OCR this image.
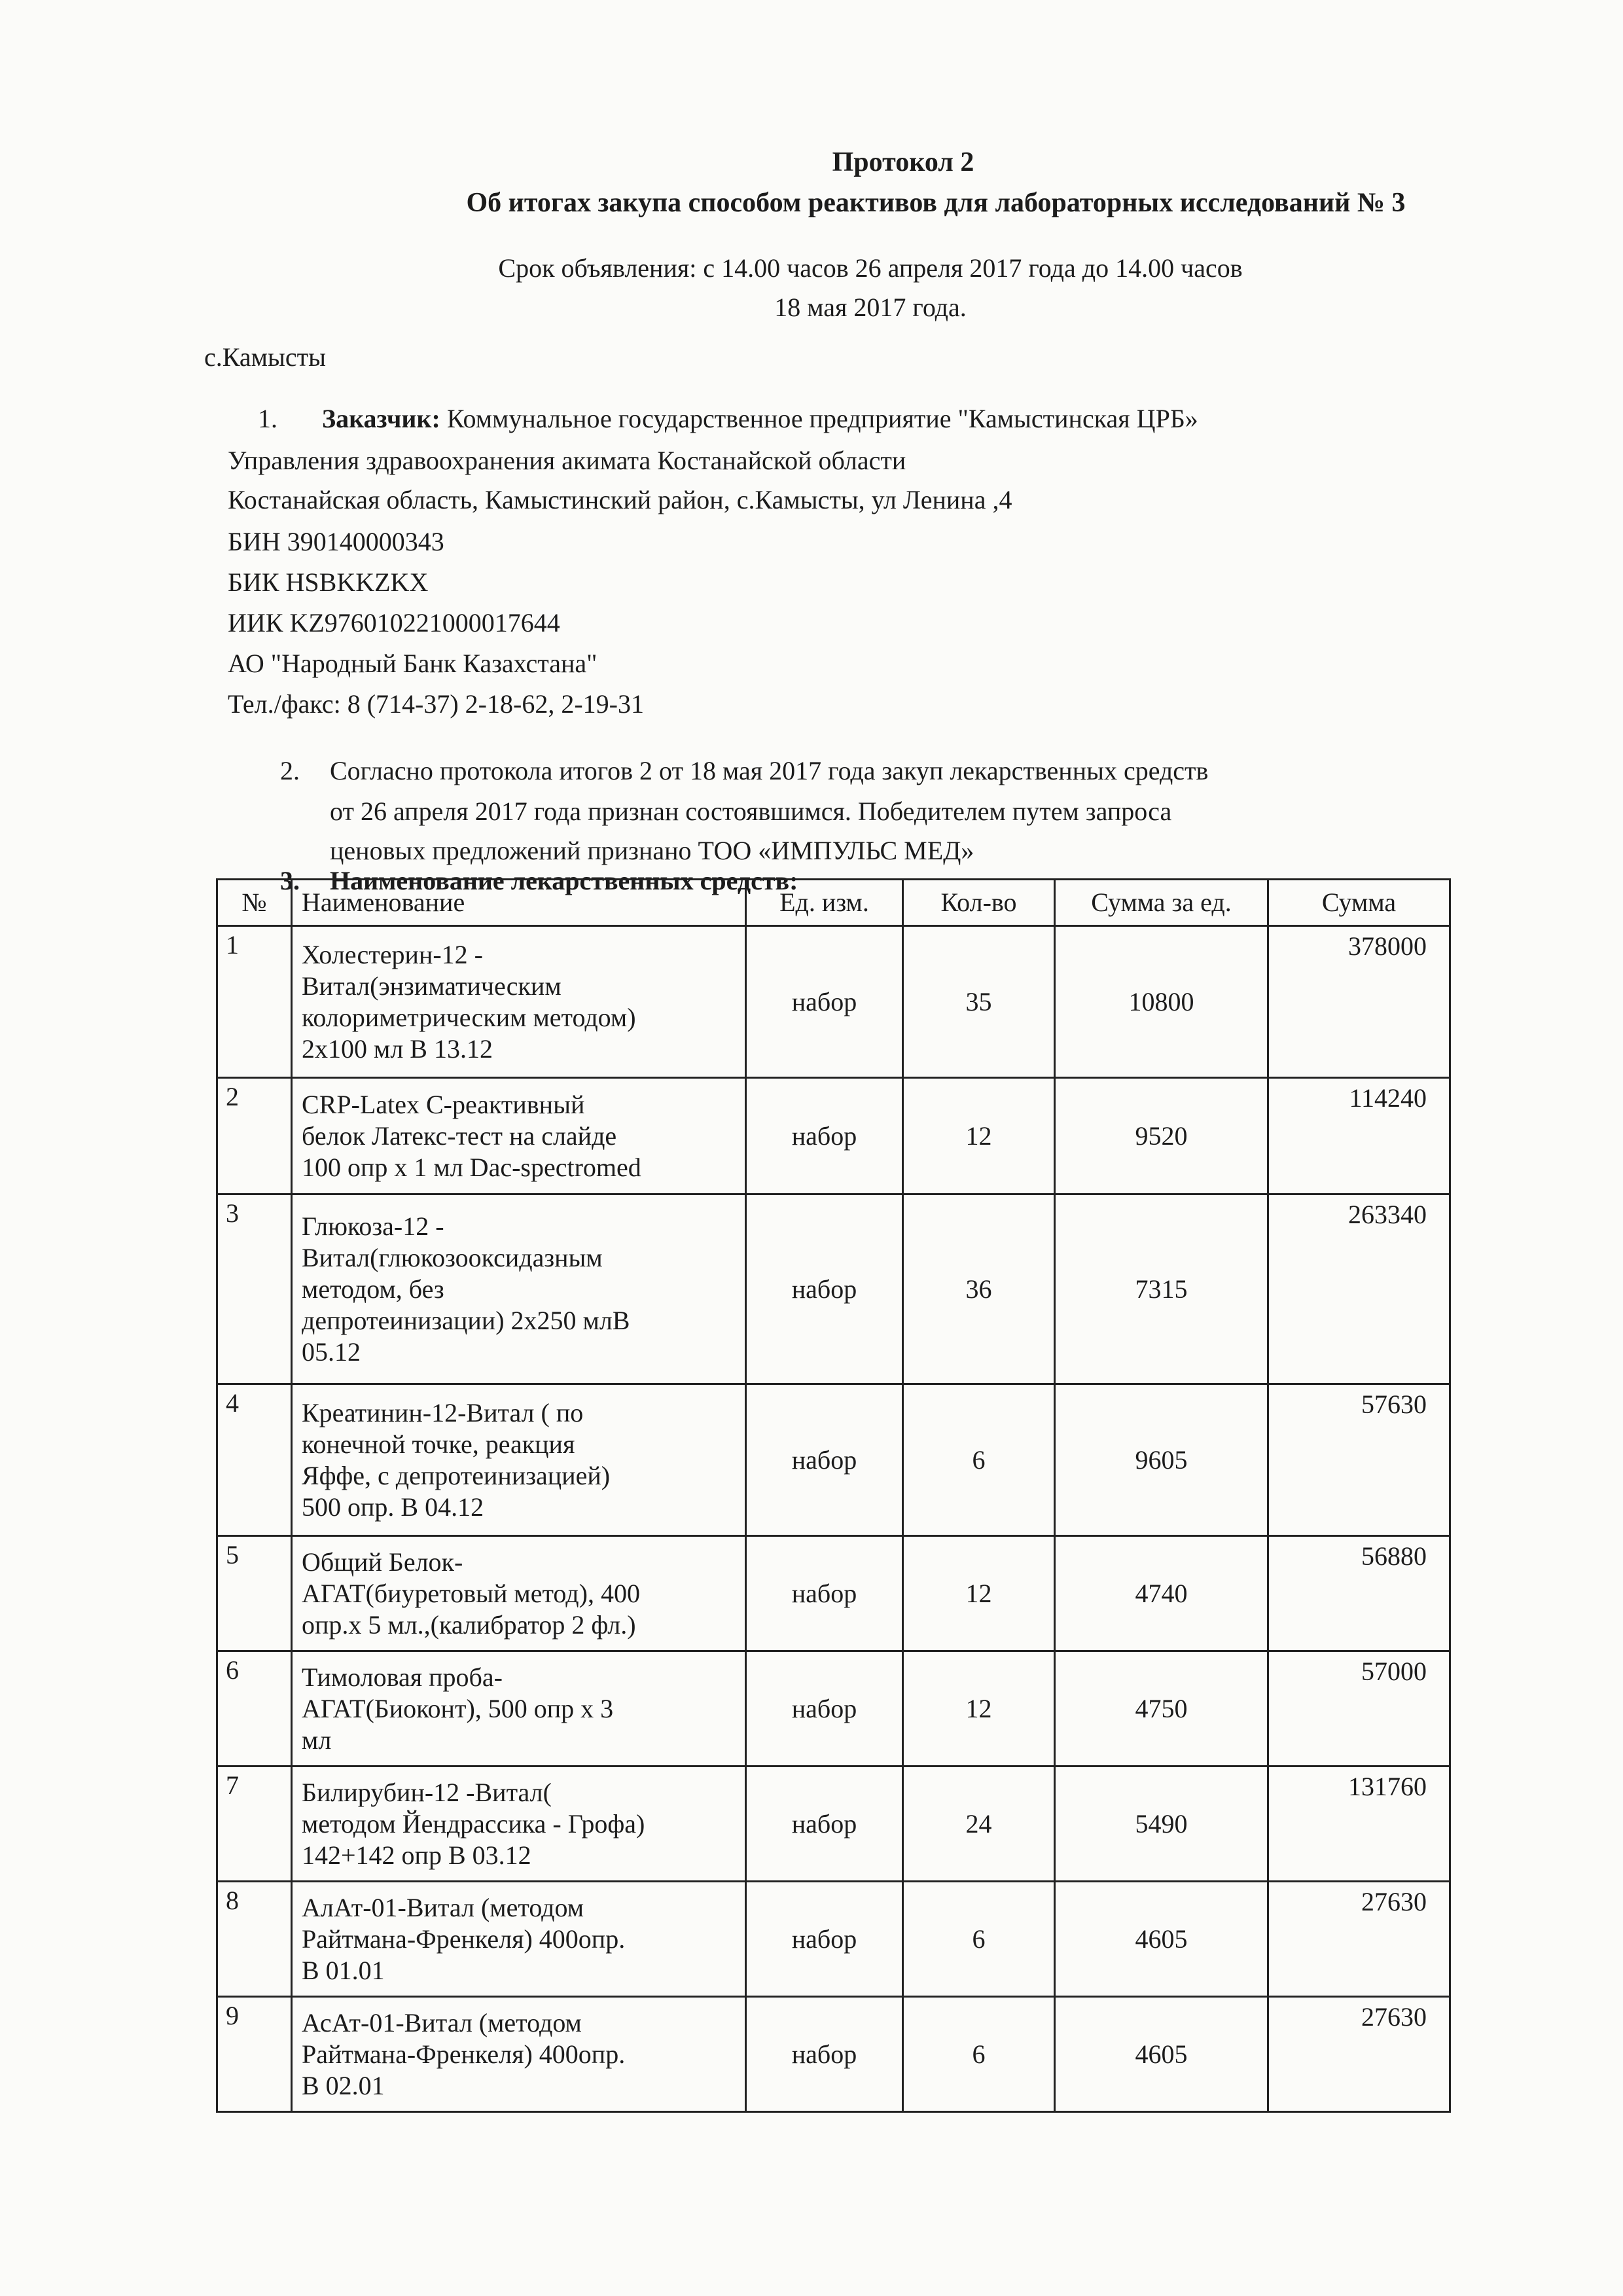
Протокол 2
Об итогах закупа способом реактивов для лабораторных исследований № 3
Срок объявления: с 14.00 часов 26 апреля 2017 года до 14.00 часов
18 мая 2017 года.
с.Камысты
1. Заказчик: Коммунальное государственное предприятие "Камыстинская ЦРБ»
Управления здравоохранения акимата Костанайской области
Костанайская область, Камыстинский район, с.Камысты, ул Ленина ,4
БИН 390140000343
БИК HSBKKZKX
ИИК KZ976010221000017644
АО "Народный Банк Казахстана"
Тел./факс: 8 (714-37) 2-18-62, 2-19-31
2. Согласно протокола итогов 2 от 18 мая 2017 года закуп лекарственных средств
от 26 апреля 2017 года признан состоявшимся. Победителем путем запроса
ценовых предложений признано ТОО «ИМПУЛЬС МЕД»
3. Наименование лекарственных средств:
№	Наименование	Ед. изм.	Кол-во	Сумма за ед.	Сумма
1	Холестерин-12 -
Витал(энзиматическим
колориметрическим методом)
2х100 мл В 13.12	набор	35	10800	378000
2	CRP-Latex С-реактивный
белок Латекс-тест на слайде
100 опр х 1 мл Dac-spectromed	набор	12	9520	114240
3	Глюкоза-12 -
Витал(глюкозооксидазным
методом, без
депротеинизации) 2х250 млВ
05.12	набор	36	7315	263340
4	Креатинин-12-Витал ( по
конечной точке, реакция
Яффе, с депротеинизацией)
500 опр. В 04.12	набор	6	9605	57630
5	Общий Белок-
АГАТ(биуретовый метод), 400
опр.х 5 мл.,(калибратор 2 фл.)	набор	12	4740	56880
6	Тимоловая проба-
АГАТ(Биоконт), 500 опр х 3
мл	набор	12	4750	57000
7	Билирубин-12 -Витал(
методом Йендрассика - Грофа)
142+142 опр В 03.12	набор	24	5490	131760
8	АлАт-01-Витал (методом
Райтмана-Френкеля) 400опр.
В 01.01	набор	6	4605	27630
9	АсАт-01-Витал (методом
Райтмана-Френкеля) 400опр.
В 02.01	набор	6	4605	27630
